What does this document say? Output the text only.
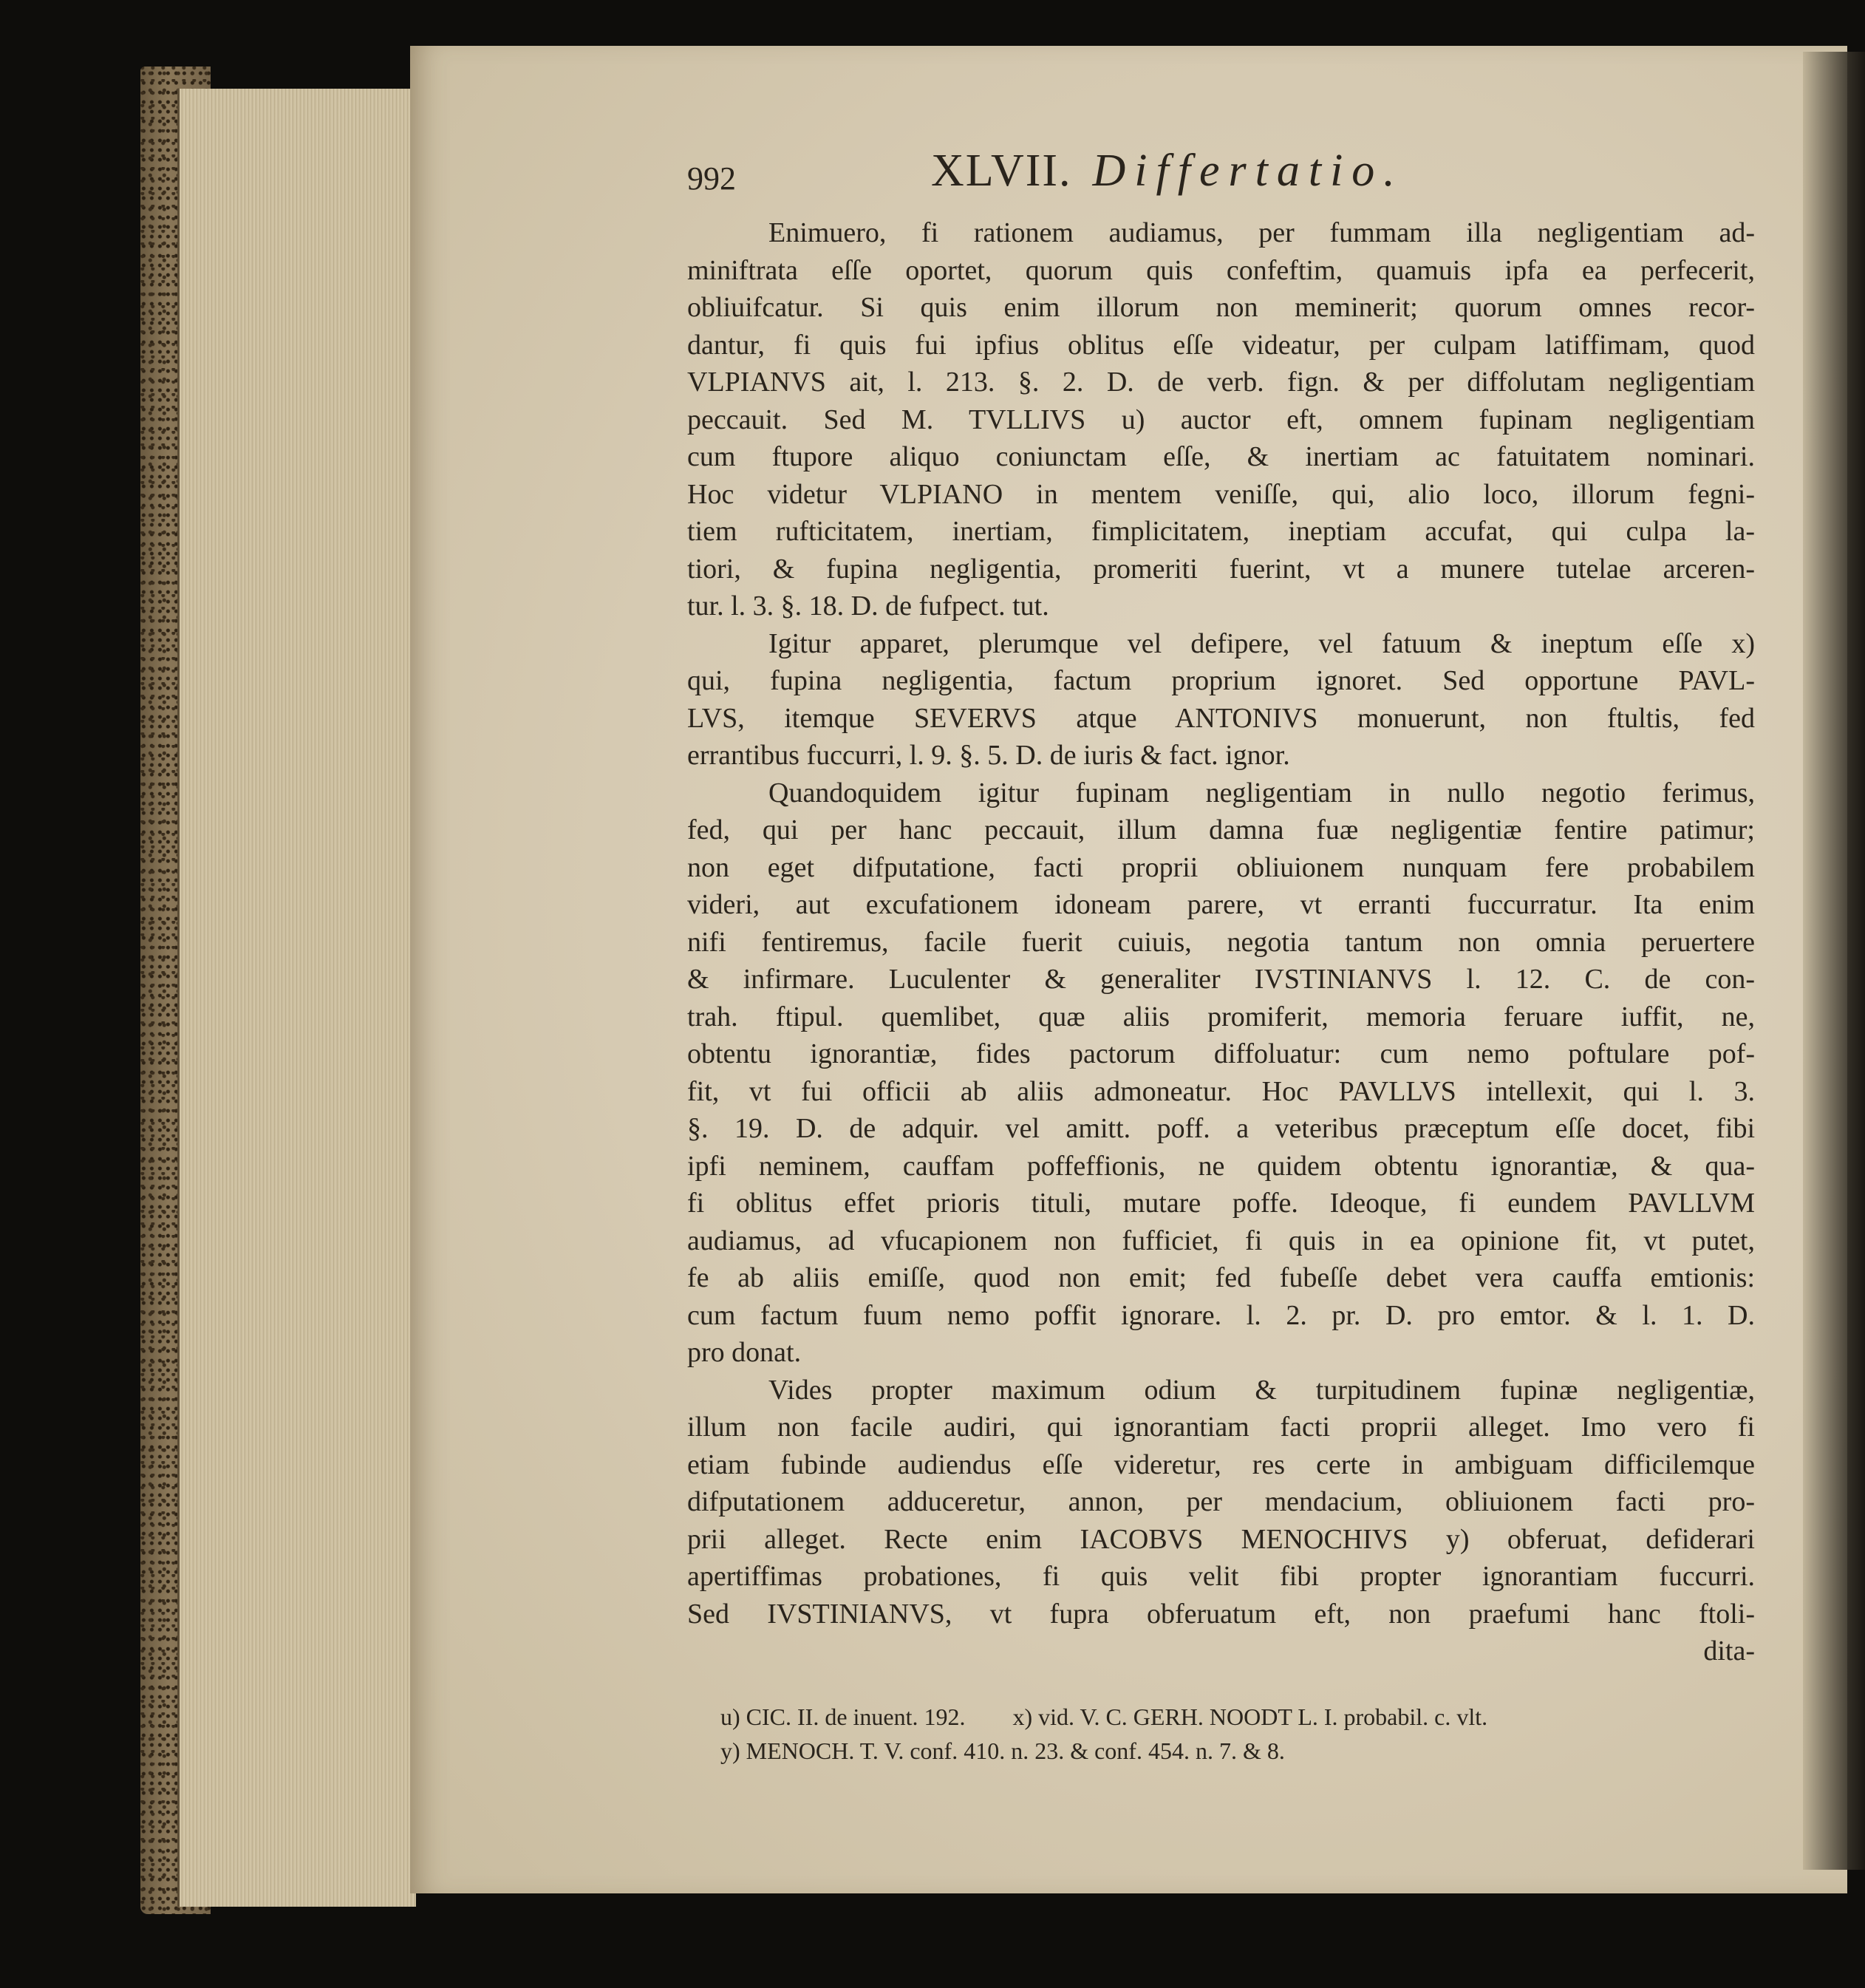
992	XLVII. Differtatio.
Enimuero, fi rationem audiamus, per fummam illa negligentiam ad-
miniftrata eſſe oportet, quorum quis confeftim, quamuis ipfa ea perfecerit,
obliuifcatur. Si quis enim illorum non meminerit; quorum omnes recor-
dantur, fi quis fui ipfius oblitus eſſe videatur, per culpam latiffimam, quod
VLPIANVS ait, l. 213. §. 2. D. de verb. fign. & per diffolutam negligentiam
peccauit. Sed M. TVLLIVS u) auctor eft, omnem fupinam negligentiam
cum ftupore aliquo coniunctam eſſe, & inertiam ac fatuitatem nominari.
Hoc videtur VLPIANO in mentem veniſſe, qui, alio loco, illorum fegni-
tiem rufticitatem, inertiam, fimplicitatem, ineptiam accufat, qui culpa la-
tiori, & fupina negligentia, promeriti fuerint, vt a munere tutelae arceren-
tur. l. 3. §. 18. D. de fufpect. tut.
Igitur apparet, plerumque vel defipere, vel fatuum & ineptum eſſe x)
qui, fupina negligentia, factum proprium ignoret. Sed opportune PAVL-
LVS, itemque SEVERVS atque ANTONIVS monuerunt, non ftultis, fed
errantibus fuccurri, l. 9. §. 5. D. de iuris & fact. ignor.
Quandoquidem igitur fupinam negligentiam in nullo negotio ferimus,
fed, qui per hanc peccauit, illum damna fuæ negligentiæ fentire patimur;
non eget difputatione, facti proprii obliuionem nunquam fere probabilem
videri, aut excufationem idoneam parere, vt erranti fuccurratur. Ita enim
nifi fentiremus, facile fuerit cuiuis, negotia tantum non omnia peruertere
& infirmare. Luculenter & generaliter IVSTINIANVS l. 12. C. de con-
trah. ftipul. quemlibet, quæ aliis promiferit, memoria feruare iuffit, ne,
obtentu ignorantiæ, fides pactorum diffoluatur: cum nemo poftulare pof-
fit, vt fui officii ab aliis admoneatur. Hoc PAVLLVS intellexit, qui l. 3.
§. 19. D. de adquir. vel amitt. poff. a veteribus præceptum eſſe docet, fibi
ipfi neminem, cauffam poffeffionis, ne quidem obtentu ignorantiæ, & qua-
fi oblitus effet prioris tituli, mutare poffe. Ideoque, fi eundem PAVLLVM
audiamus, ad vfucapionem non fufficiet, fi quis in ea opinione fit, vt putet,
fe ab aliis emiſſe, quod non emit; fed fubeſſe debet vera cauffa emtionis:
cum factum fuum nemo poffit ignorare. l. 2. pr. D. pro emtor. & l. 1. D.
pro donat.
Vides propter maximum odium & turpitudinem fupinæ negligentiæ,
illum non facile audiri, qui ignorantiam facti proprii alleget. Imo vero fi
etiam fubinde audiendus eſſe videretur, res certe in ambiguam difficilemque
difputationem adduceretur, annon, per mendacium, obliuionem facti pro-
prii alleget. Recte enim IACOBVS MENOCHIVS y) obferuat, defiderari
apertiffimas probationes, fi quis velit fibi propter ignorantiam fuccurri.
Sed IVSTINIANVS, vt fupra obferuatum eft, non praefumi hanc ftoli-
dita-
u) CIC. II. de inuent. 192.        x) vid. V. C. GERH. NOODT L. I. probabil. c. vlt.
y) MENOCH. T. V. conf. 410. n. 23. & conf. 454. n. 7. & 8.
